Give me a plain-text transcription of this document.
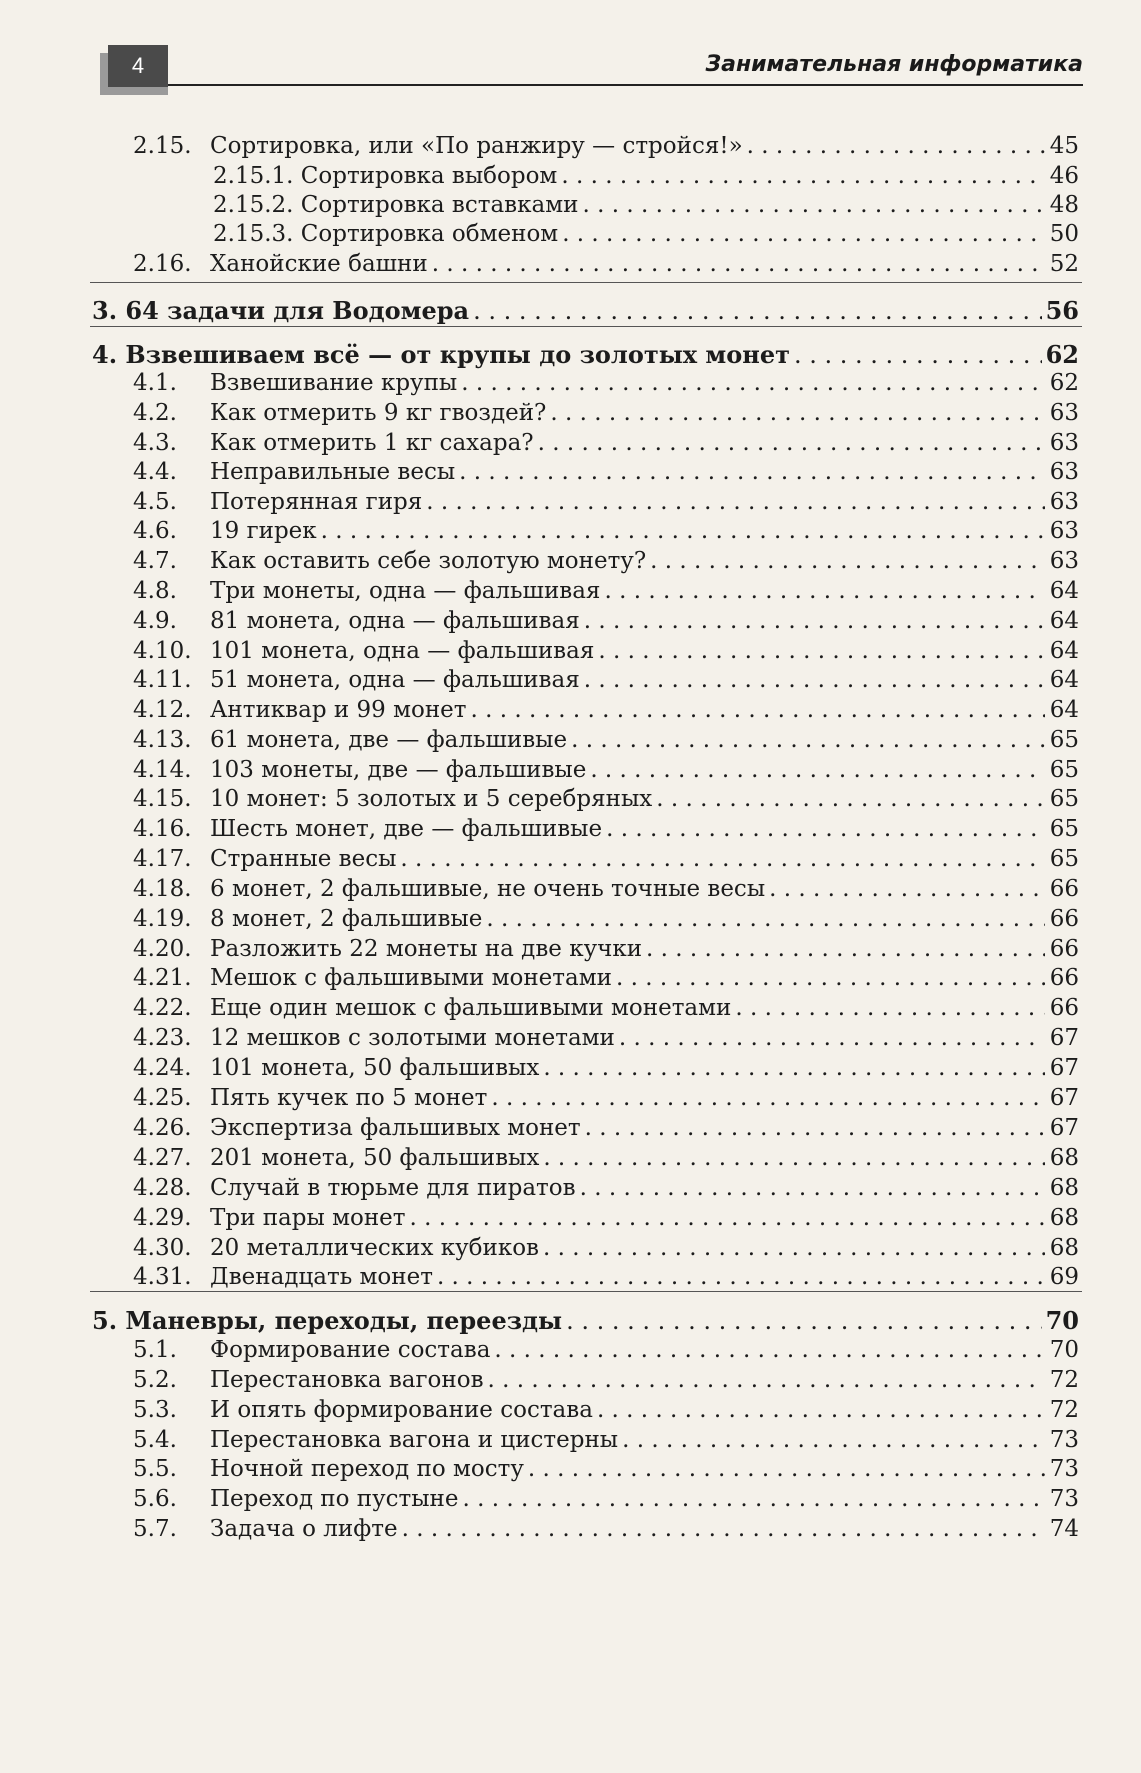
4	Занимательная информатика
2.15. Сортировка, или «По ранжиру — стройся!» . . .	45
2.15.1. Сортировка выбором . . .	46
2.15.2. Сортировка вставками . . .	48
2.15.3. Сортировка обменом . . .	50
2.16. Ханойские башни . . .	52
3. 64 задачи для Водомера . . .	56
4. Взвешиваем всё — от крупы до золотых монет . . .	62
4.1.	Взвешивание крупы . . .	62
4.2.	Как отмерить 9 кг гвоздей? . . .	63
4.3.	Как отмерить 1 кг сахара? . . .	63
4.4.	Неправильные весы . . .	63
4.5.	Потерянная гиря . . .	63
4.6.	19 гирек . . .	63
4.7.	Как оставить себе золотую монету? . . .	63
4.8.	Три монеты, одна — фальшивая . . .	64
4.9.	81 монета, одна — фальшивая . . .	64
4.10. 101 монета, одна — фальшивая . . .	64
4.11. 51 монета, одна — фальшивая . . .	64
4.12. Антиквар и 99 монет . . .	64
4.13. 61 монета, две — фальшивые . . .	65
4.14. 103 монеты, две — фальшивые . . .	65
4.15. 10 монет: 5 золотых и 5 серебряных . . .	65
4.16. Шесть монет, две — фальшивые . . .	65
4.17. Странные весы . . .	65
4.18. 6 монет, 2 фальшивые, не очень точные весы . . .	66
4.19. 8 монет, 2 фальшивые . . .	66
4.20. Разложить 22 монеты на две кучки . . .	66
4.21. Мешок с фальшивыми монетами . . .	66
4.22. Еще один мешок с фальшивыми монетами . . .	66
4.23. 12 мешков с золотыми монетами . . .	67
4.24. 101 монета, 50 фальшивых . . .	67
4.25. Пять кучек по 5 монет . . .	67
4.26. Экспертиза фальшивых монет . . .	67
4.27. 201 монета, 50 фальшивых . . .	68
4.28. Случай в тюрьме для пиратов . . .	68
4.29. Три пары монет . . .	68
4.30. 20 металлических кубиков . . .	68
4.31. Двенадцать монет . . .	69
5. Маневры, переходы, переезды . . .	70
5.1.	Формирование состава . . .	70
5.2.	Перестановка вагонов . . .	72
5.3.	И опять формирование состава . . .	72
5.4.	Перестановка вагона и цистерны . . .	73
5.5.	Ночной переход по мосту . . .	73
5.6.	Переход по пустыне . . .	73
5.7.	Задача о лифте . . .	74
